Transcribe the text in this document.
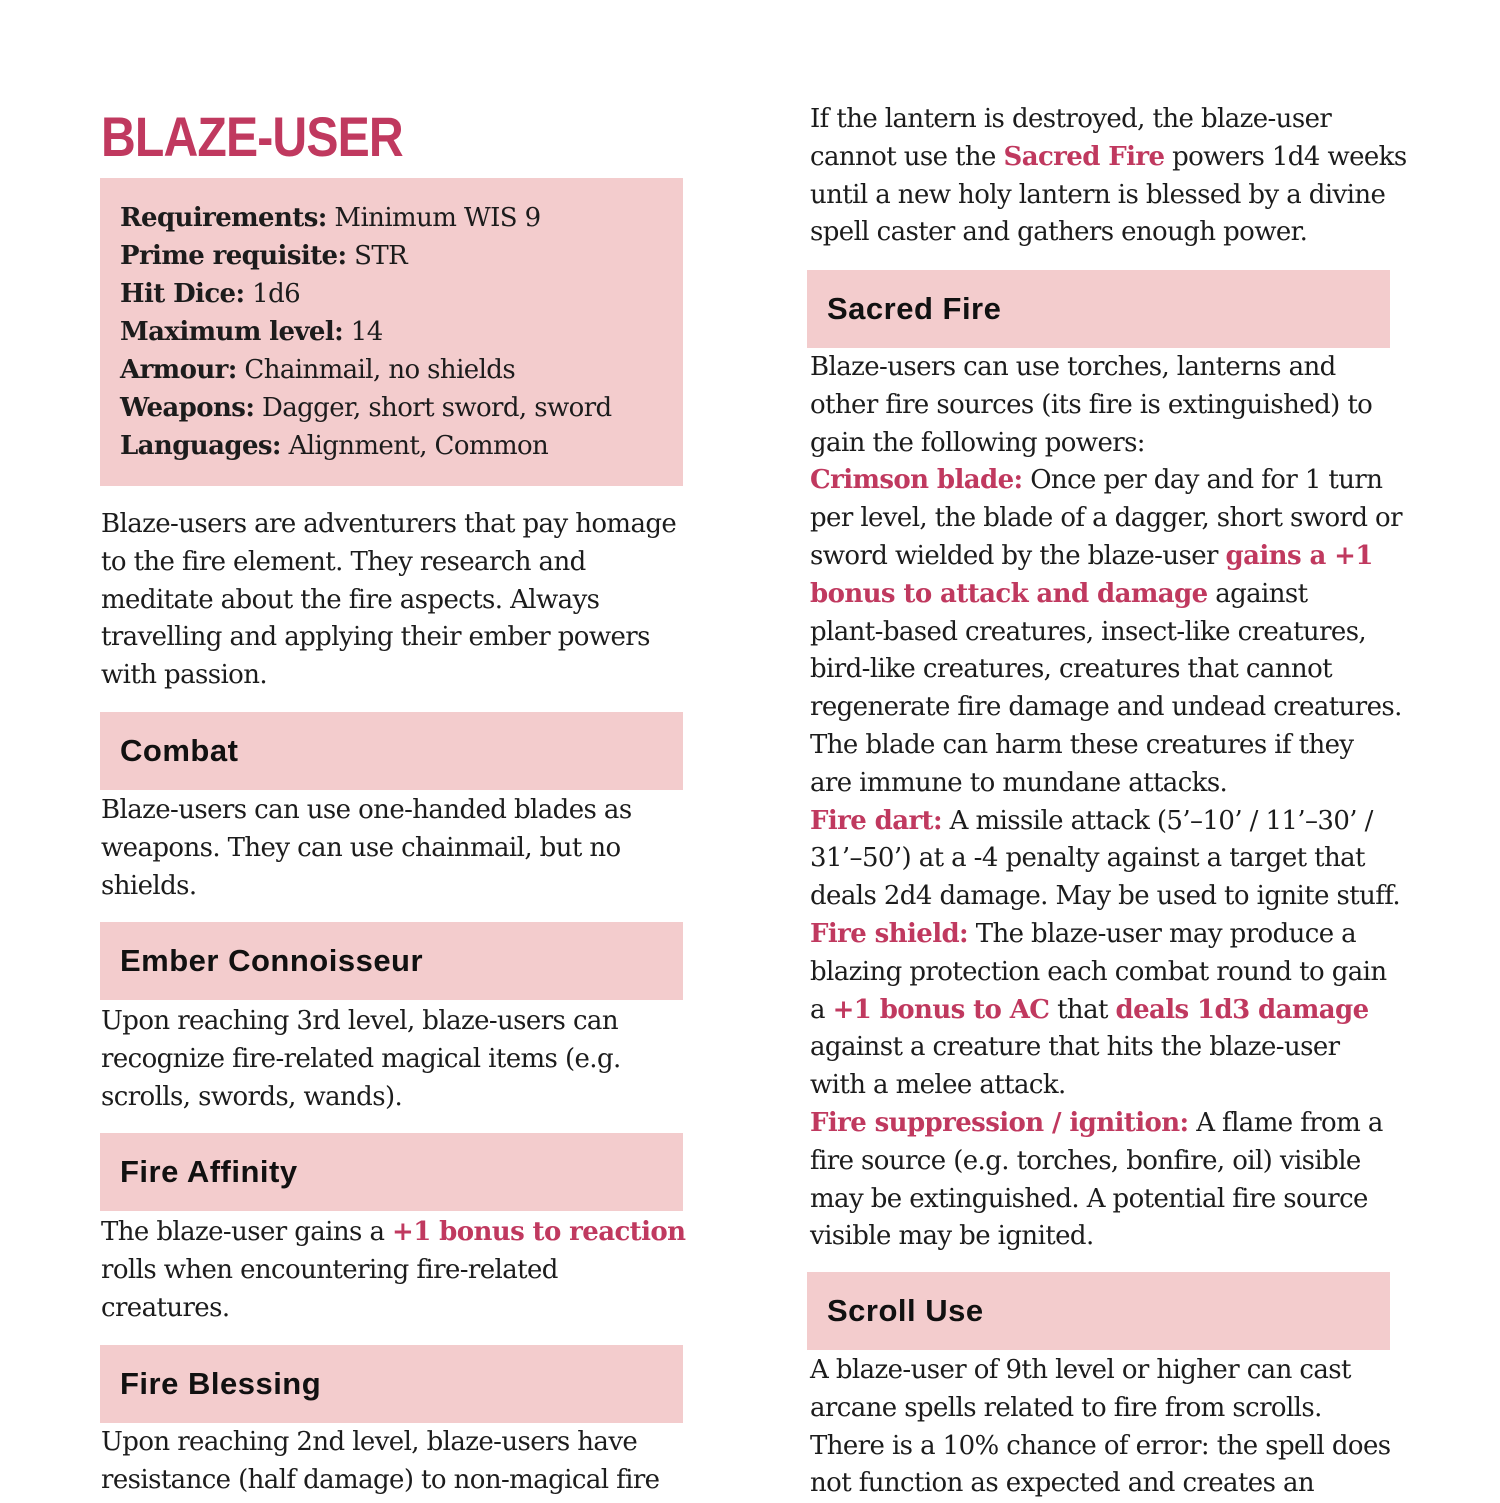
BLAZE-USER
Requirements: Minimum WIS 9
Prime requisite: STR
Hit Dice: 1d6
Maximum level: 14
Armour: Chainmail, no shields
Weapons: Dagger, short sword, sword
Languages: Alignment, Common

Blaze-users are adventurers that pay homage
to the fire element. They research and
meditate about the fire aspects. Always
travelling and applying their ember powers
with passion.

Combat

Blaze-users can use one-handed blades as
weapons. They can use chainmail, but no
shields.

Ember Connoisseur

Upon reaching 3rd level, blaze-users can
recognize fire-related magical items (e.g.
scrolls, swords, wands).

Fire Affinity

The blaze-user gains a +1 bonus to reaction
rolls when encountering fire-related
creatures.

Fire Blessing

Upon reaching 2nd level, blaze-users have
resistance (half damage) to non-magical fire

If the lantern is destroyed, the blaze-user
cannot use the Sacred Fire powers 1d4 weeks
until a new holy lantern is blessed by a divine
spell caster and gathers enough power.

Sacred Fire

Blaze-users can use torches, lanterns and
other fire sources (its fire is extinguished) to
gain the following powers:
Crimson blade: Once per day and for 1 turn
per level, the blade of a dagger, short sword or
sword wielded by the blaze-user gains a +1
bonus to attack and damage against
plant-based creatures, insect-like creatures,
bird-like creatures, creatures that cannot
regenerate fire damage and undead creatures.
The blade can harm these creatures if they
are immune to mundane attacks.
Fire dart: A missile attack (5’–10’ / 11’–30’ /
31’–50’) at a -4 penalty against a target that
deals 2d4 damage. May be used to ignite stuff.
Fire shield: The blaze-user may produce a
blazing protection each combat round to gain
a +1 bonus to AC that deals 1d3 damage
against a creature that hits the blaze-user
with a melee attack.
Fire suppression / ignition: A flame from a
fire source (e.g. torches, bonfire, oil) visible
may be extinguished. A potential fire source
visible may be ignited.

Scroll Use

A blaze-user of 9th level or higher can cast
arcane spells related to fire from scrolls.
There is a 10% chance of error: the spell does
not function as expected and creates an
